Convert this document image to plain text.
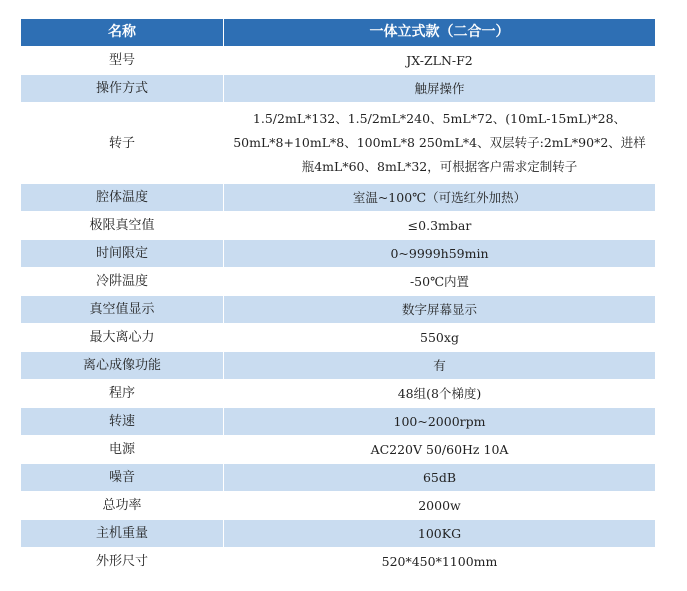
名称	一体立式款（二合一）
型号	JX-ZLN-F2
操作方式	触屏操作
转子	1.5/2mL*132、1.5/2mL*240、5mL*72、(10mL-15mL)*28、
50mL*8+10mL*8、100mL*8 250mL*4、双层转子:2mL*90*2、进样
瓶4mL*60、8mL*32，可根据客户需求定制转子

腔体温度	室温~100℃（可选红外加热）
极限真空值	≤0.3mbar
时间限定	0~9999h59min
冷阱温度	-50℃内置
真空值显示	数字屏幕显示
最大离心力	550xg
离心成像功能	有
程序	48组(8个梯度)
转速	100~2000rpm
电源	AC220V 50/60Hz 10A
噪音	65dB
总功率	2000w
主机重量	100KG
外形尺寸	520*450*1100mm
